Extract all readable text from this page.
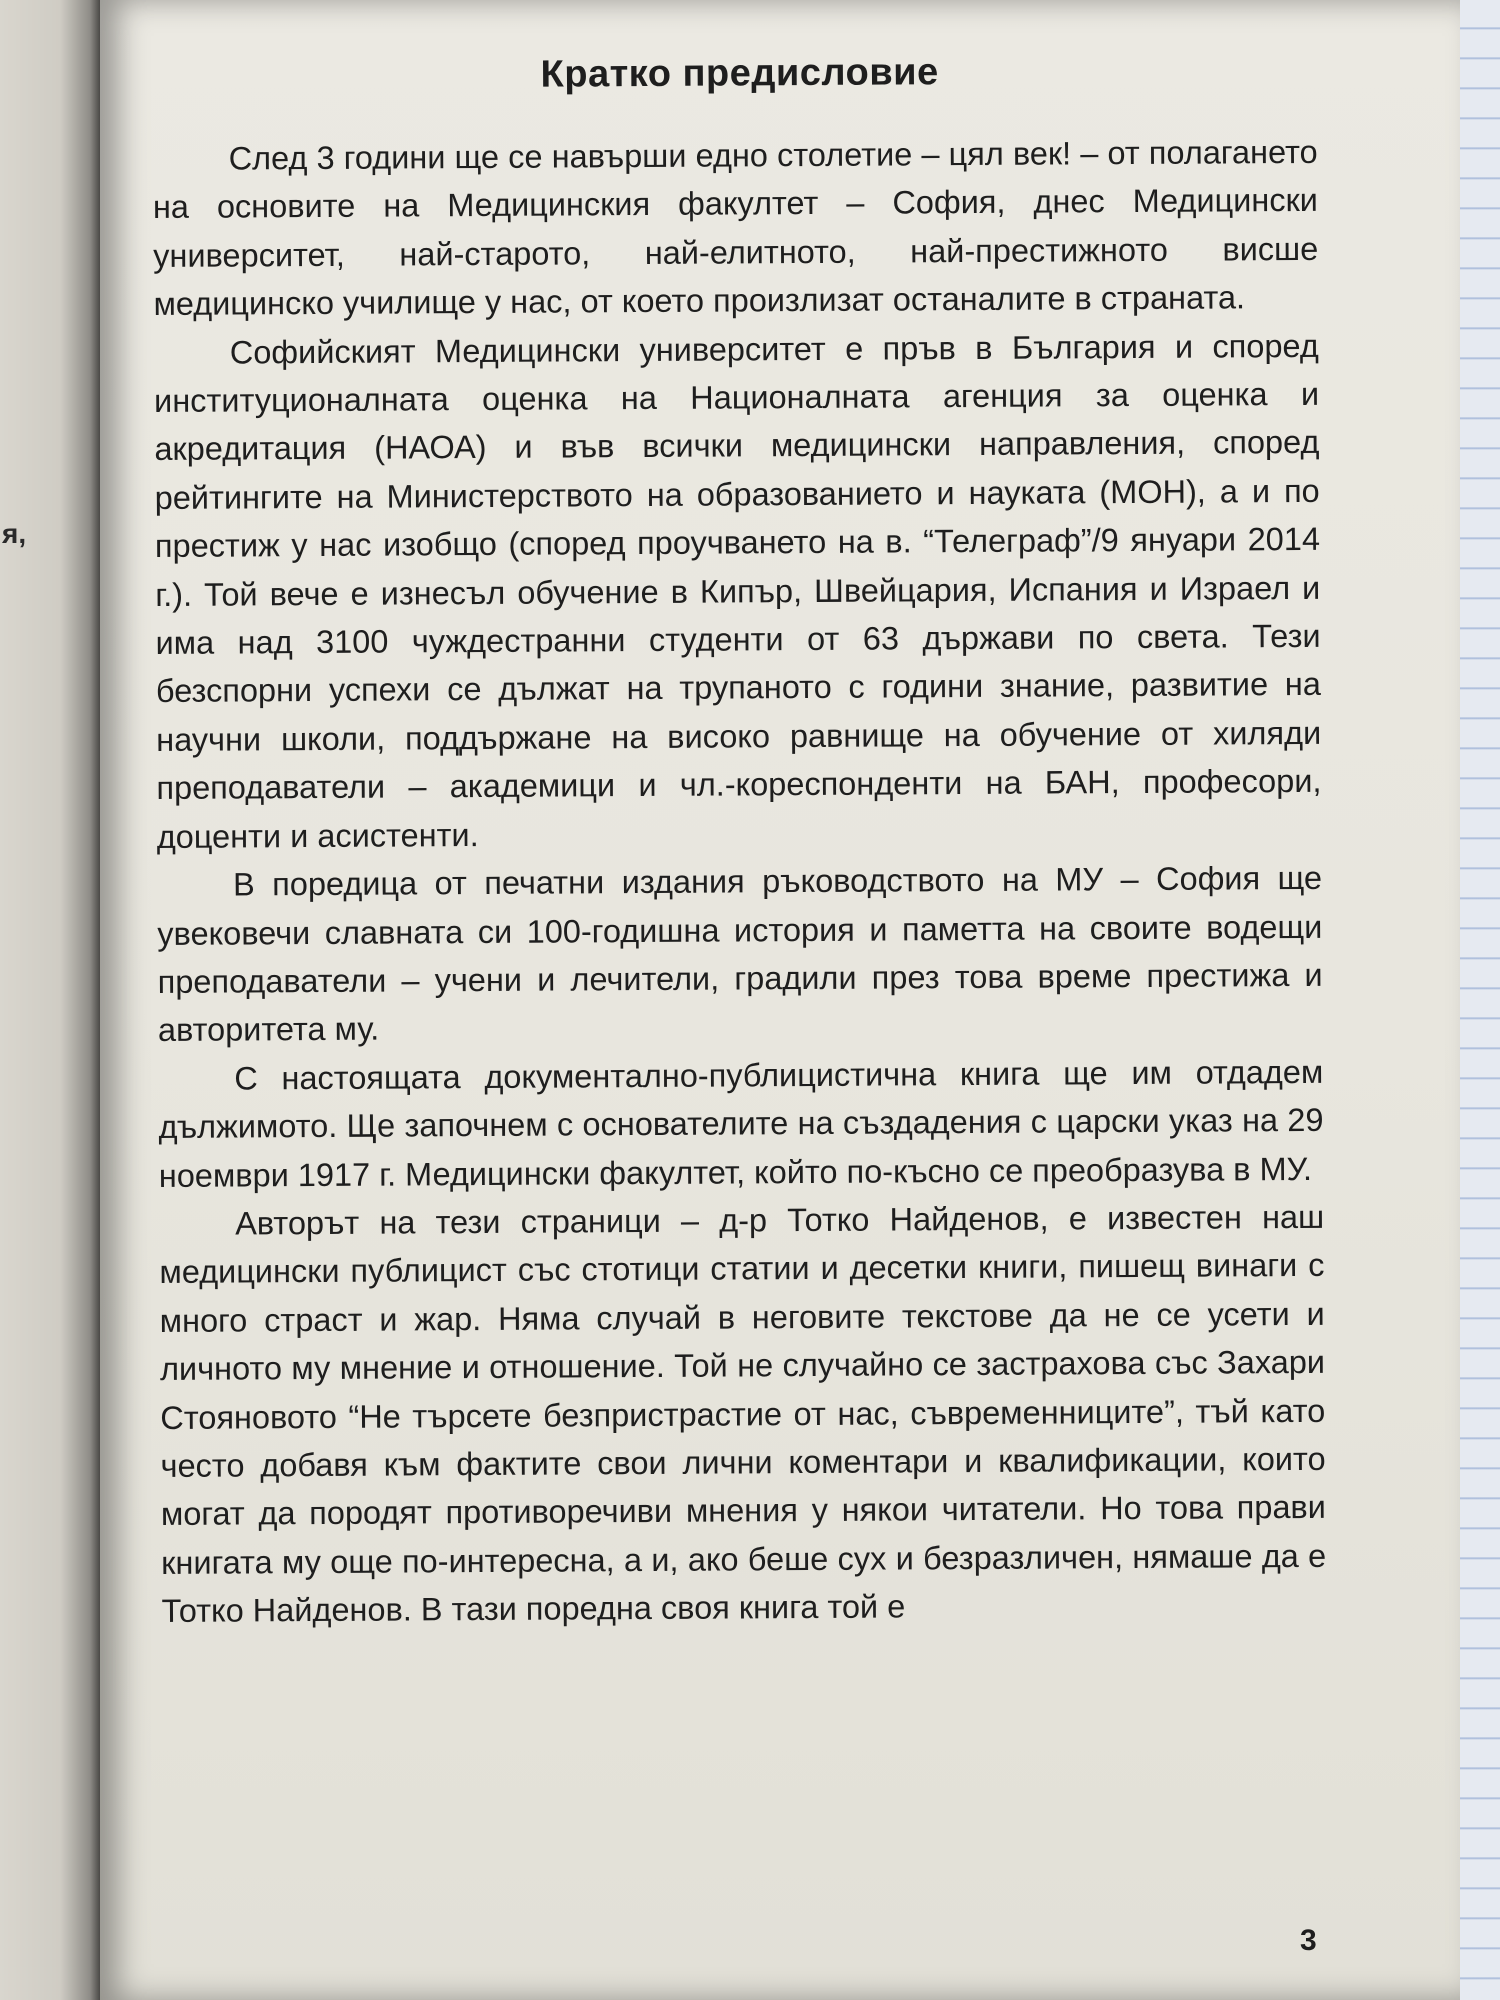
я,
Кратко предисловие

След 3 години ще се навърши едно столетие – цял век! – от полагането на основите на Медицинския факултет – София, днес Медицински университет, най-старото, най-елитното, най-престижното висше медицинско училище у нас, от което произлизат останалите в страната.

Софийският Медицински университет е пръв в България и според институционалната оценка на Националната агенция за оценка и акредитация (НАОА) и във всички медицински направления, според рейтингите на Министерството на образованието и науката (МОН), а и по престиж у нас изобщо (според проучването на в. “Телеграф”/9 януари 2014 г.). Той вече е изнесъл обучение в Кипър, Швейцария, Испания и Израел и има над 3100 чуждестранни студенти от 63 държави по света. Тези безспорни успехи се дължат на трупаното с години знание, развитие на научни школи, поддържане на високо равнище на обучение от хиляди преподаватели – академици и чл.-кореспонденти на БАН, професори, доценти и асистенти.

В поредица от печатни издания ръководството на МУ – София ще увековечи славната си 100-годишна история и паметта на своите водещи преподаватели – учени и лечители, градили през това време престижа и авторитета му.

С настоящата документално-публицистична книга ще им отдадем дължимото. Ще започнем с основателите на създадения с царски указ на 29 ноември 1917 г. Медицински факултет, който по-късно се преобразува в МУ.

Авторът на тези страници – д-р Тотко Найденов, е известен наш медицински публицист със стотици статии и десетки книги, пишещ винаги с много страст и жар. Няма случай в неговите текстове да не се усети и личното му мнение и отношение. Той не случайно се застрахова със Захари Стояновото “Не търсете безпристрастие от нас, съвременниците”, тъй като често добавя към фактите свои лични коментари и квалификации, които могат да породят противоречиви мнения у някои читатели. Но това прави книгата му още по-интересна, а и, ако беше сух и безразличен, нямаше да е Тотко Найденов. В тази поредна своя книга той е

3
